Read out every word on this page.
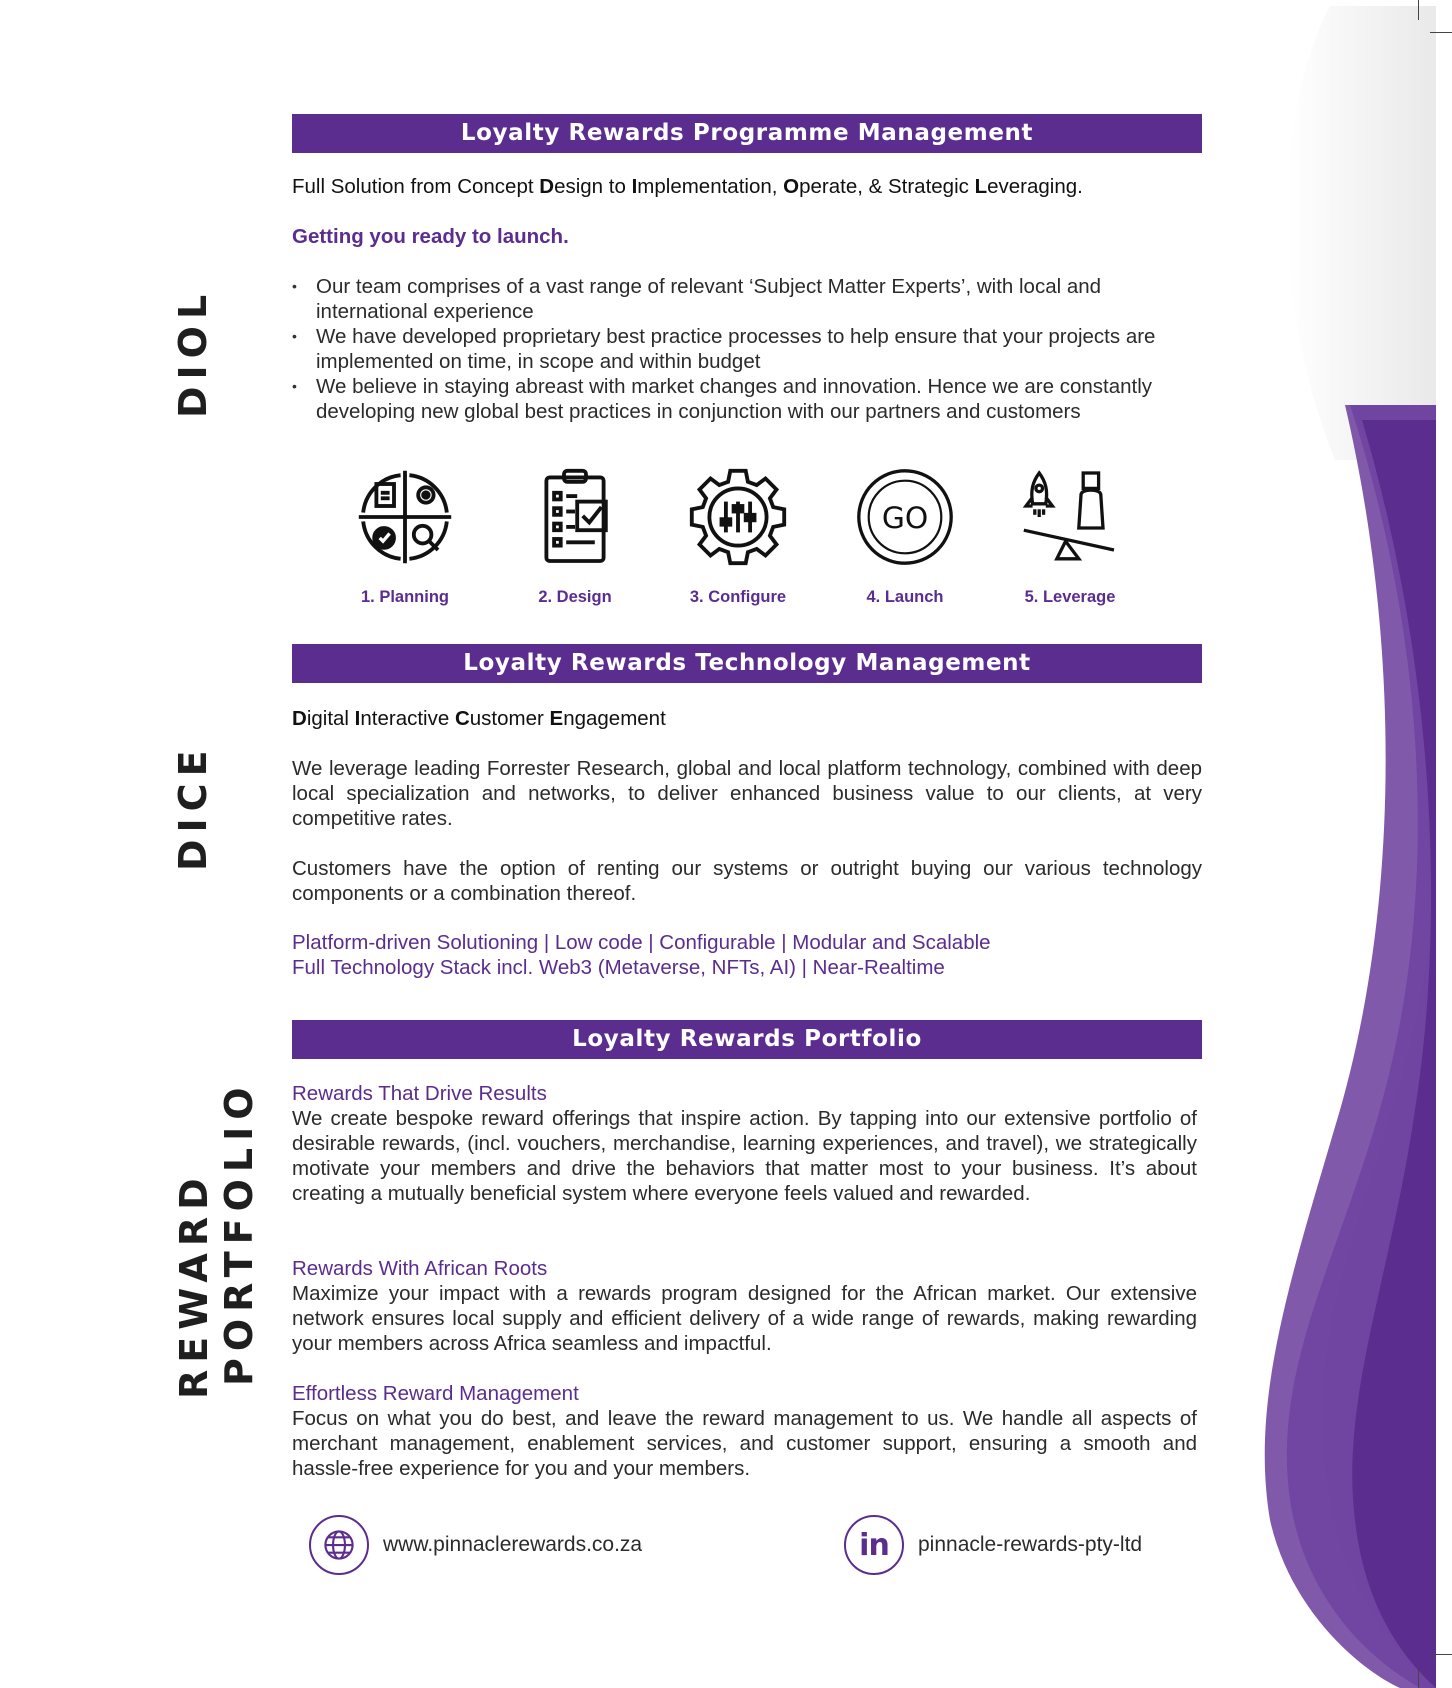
DIOL
DICE
REWARD PORTFOLIO
Loyalty Rewards Programme Management
Full Solution from Concept Design to Implementation, Operate, & Strategic Leveraging.
Getting you ready to launch.
• Our team comprises of a vast range of relevant ‘Subject Matter Experts’, with local and international experience
• We have developed proprietary best practice processes to help ensure that your projects are implemented on time, in scope and within budget
• We believe in staying abreast with market changes and innovation. Hence we are constantly developing new global best practices in conjunction with our partners and customers
1. Planning	2. Design	3. Configure
GO
4. Launch	5. Leverage
Loyalty Rewards Technology Management
Digital Interactive Customer Engagement
We leverage leading Forrester Research, global and local platform technology, combined with deep local specialization and networks, to deliver enhanced business value to our clients, at very competitive rates.
Customers have the option of renting our systems or outright buying our various technology components or a combination thereof.
Platform-driven Solutioning | Low code | Configurable | Modular and Scalable
Full Technology Stack incl. Web3 (Metaverse, NFTs, AI) | Near-Realtime
Loyalty Rewards Portfolio
Rewards That Drive Results
We create bespoke reward offerings that inspire action. By tapping into our extensive portfolio of desirable rewards, (incl. vouchers, merchandise, learning experiences, and travel), we strategically motivate your members and drive the behaviors that matter most to your business. It’s about creating a mutually beneficial system where everyone feels valued and rewarded.
Rewards With African Roots
Maximize your impact with a rewards program designed for the African market. Our extensive network ensures local supply and efficient delivery of a wide range of rewards, making rewarding your members across Africa seamless and impactful.
Effortless Reward Management
Focus on what you do best, and leave the reward management to us. We handle all aspects of merchant management, enablement services, and customer support, ensuring a smooth and hassle-free experience for you and your members.
www.pinnaclerewards.co.za	in pinnacle-rewards-pty-ltd
